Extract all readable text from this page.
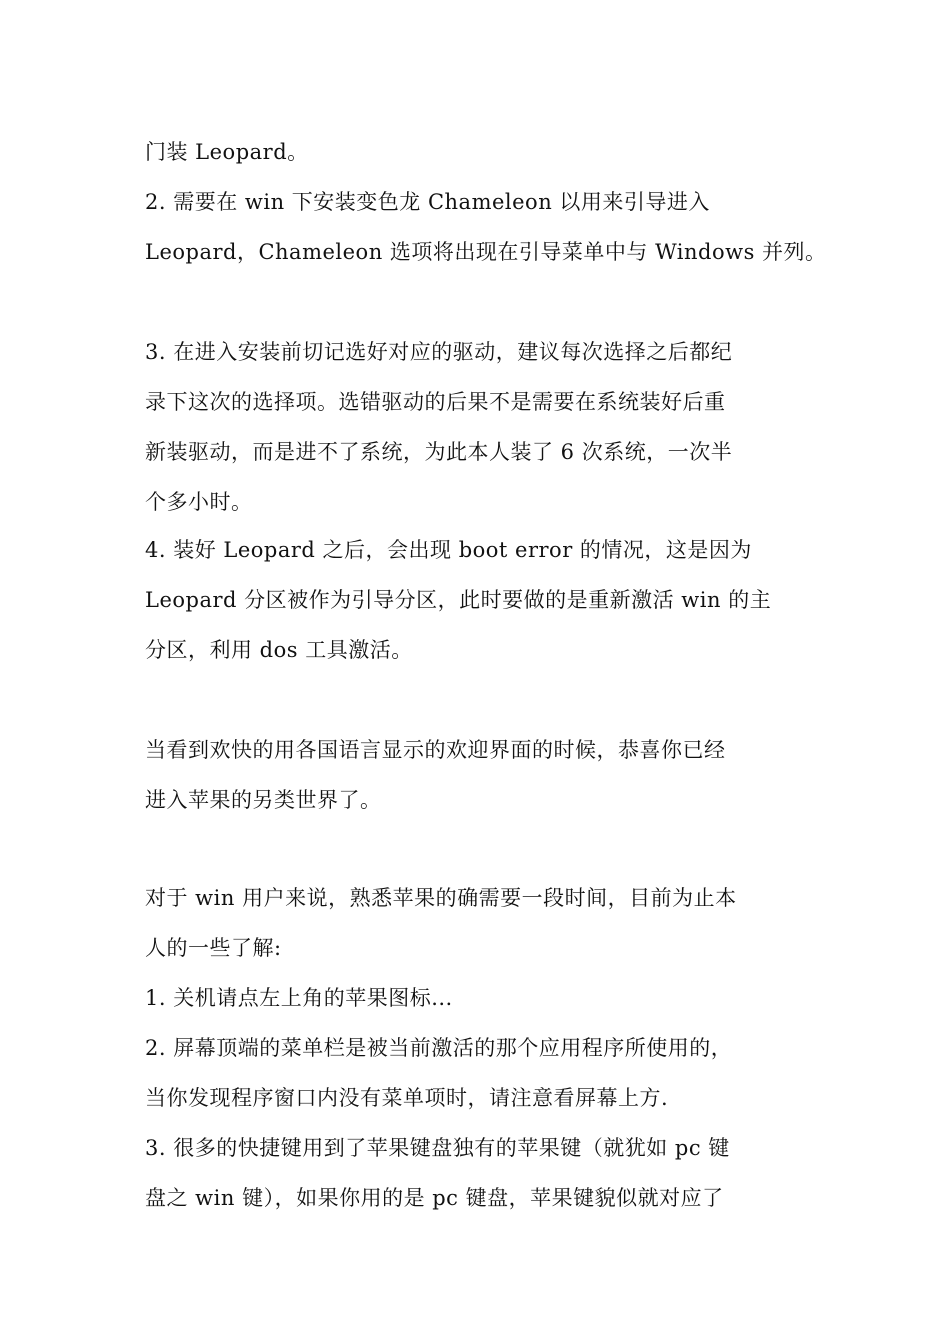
门装 Leopard。
2. 需要在 win 下安装变色龙 Chameleon 以用来引导进入
Leopard，Chameleon 选项将出现在引导菜单中与 Windows 并列。
3. 在进入安装前切记选好对应的驱动，建议每次选择之后都纪
录下这次的选择项。选错驱动的后果不是需要在系统装好后重
新装驱动，而是进不了系统，为此本人装了 6 次系统，一次半
个多小时。
4. 装好 Leopard 之后，会出现 boot error 的情况，这是因为
Leopard 分区被作为引导分区，此时要做的是重新激活 win 的主
分区，利用 dos 工具激活。
当看到欢快的用各国语言显示的欢迎界面的时候，恭喜你已经
进入苹果的另类世界了。
对于 win 用户来说，熟悉苹果的确需要一段时间，目前为止本
人的一些了解:
1. 关机请点左上角的苹果图标...
2. 屏幕顶端的菜单栏是被当前激活的那个应用程序所使用的，
当你发现程序窗口内没有菜单项时，请注意看屏幕上方.
3. 很多的快捷键用到了苹果键盘独有的苹果键（就犹如 pc 键
盘之 win 键），如果你用的是 pc 键盘，苹果键貌似就对应了
